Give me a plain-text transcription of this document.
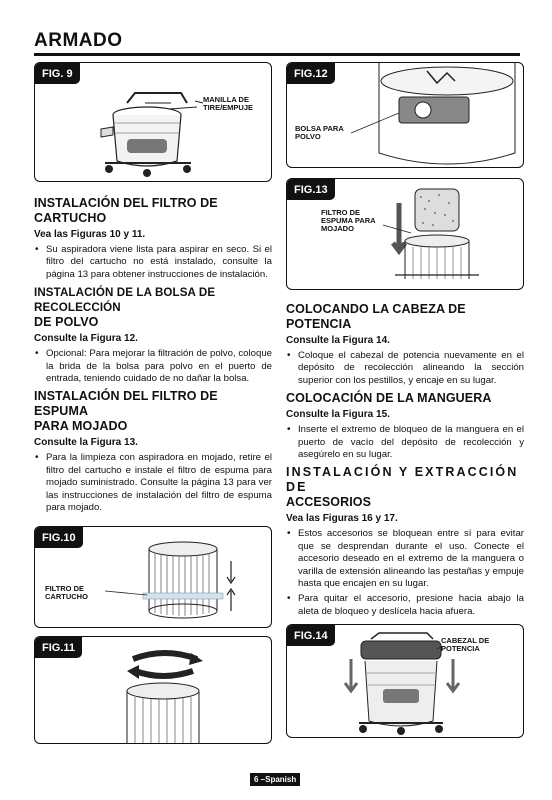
ARMADO
FIG. 9
MANILLA DE TIRE/EMPUJE
INSTALACIÓN DEL FILTRO DE CARTUCHO
Vea las Figuras 10 y 11.
• Su aspiradora viene lista para aspirar en seco. Si el filtro del cartucho no está instalado, consulte la página 13 para obtener instrucciones de instalación.
INSTALACIÓN DE LA BOLSA DE RECOLECCIÓN
DE POLVO
Consulte la Figura 12.
• Opcional: Para mejorar la filtración de polvo, coloque la brida de la bolsa para polvo en el puerto de entrada, teniendo cuidado de no dañar la bolsa.
INSTALACIÓN DEL FILTRO DE ESPUMA
PARA MOJADO
Consulte la Figura 13.
• Para la limpieza con aspiradora en mojado, retire el filtro del cartucho e instale el filtro de espuma para mojado suministrado. Consulte la página 13 para ver las instrucciones de instalación del filtro de espuma para mojado.
FIG.10
FILTRO DE CARTUCHO
FIG.11
FIG.12
BOLSA PARA POLVO
FIG.13
FILTRO DE ESPUMA PARA MOJADO
COLOCANDO LA CABEZA DE POTENCIA
Consulte la Figura 14.
• Coloque el cabezal de potencia nuevamente en el depósito de recolección alineando la sección superior con los pestillos, y encaje en su lugar.
COLOCACIÓN DE LA MANGUERA
Consulte la Figura 15.
• Inserte el extremo de bloqueo de la manguera en el puerto de vacío del depósito de recolección y asegúrelo en su lugar.
INSTALACIÓN Y EXTRACCIÓN DE
ACCESORIOS
Vea las Figuras 16 y 17.
• Estos accesorios se bloquean entre sí para evitar que se desprendan durante el uso. Conecte el accesorio deseado en el extremo de la manguera o varilla de extensión alineando las pestañas y empuje hasta que encajen en su lugar.
• Para quitar el accesorio, presione hacia abajo la aleta de bloqueo y deslícela hacia afuera.
FIG.14	CABEZAL DE POTENCIA
6 –Spanish
